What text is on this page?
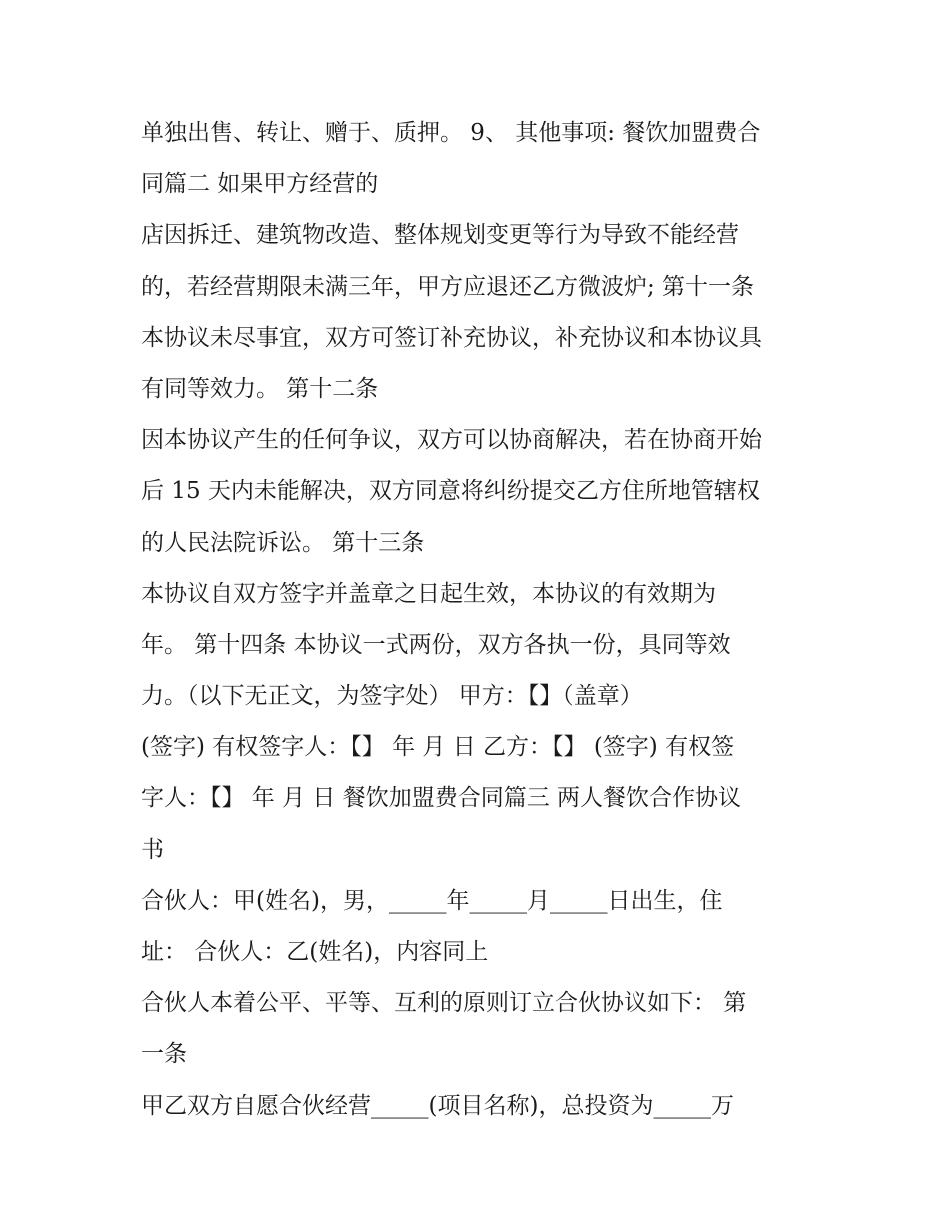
单独出售、转让、赠于、质押。 9、 其他事项: 餐饮加盟费合
同篇二 如果甲方经营的
店因拆迁、建筑物改造、整体规划变更等行为导致不能经营
的，若经营期限未满三年，甲方应退还乙方微波炉; 第十一条
本协议未尽事宜，双方可签订补充协议，补充协议和本协议具
有同等效力。 第十二条
因本协议产生的任何争议，双方可以协商解决，若在协商开始
后 15 天内未能解决，双方同意将纠纷提交乙方住所地管辖权
的人民法院诉讼。 第十三条
本协议自双方签字并盖章之日起生效，本协议的有效期为
年。 第十四条 本协议一式两份，双方各执一份，具同等效
力。（以下无正文，为签字处） 甲方：【】（盖章）
(签字) 有权签字人：【】 年 月 日 乙方：【】 (签字) 有权签
字人：【】 年 月 日 餐饮加盟费合同篇三 两人餐饮合作协议
书
合伙人：甲(姓名)，男，_____年_____月_____日出生，住
址： 合伙人：乙(姓名)，内容同上
合伙人本着公平、平等、互利的原则订立合伙协议如下： 第
一条
甲乙双方自愿合伙经营_____(项目名称)，总投资为_____万
